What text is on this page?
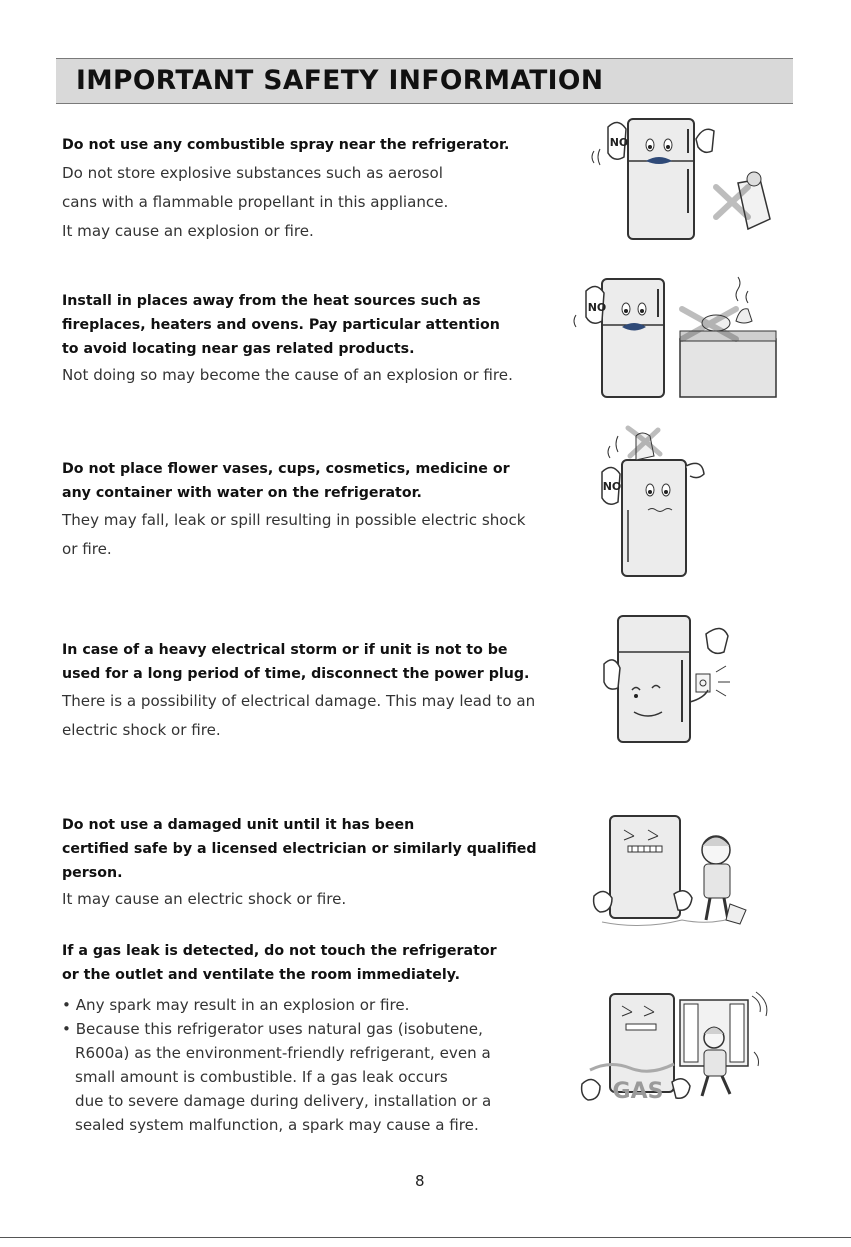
IMPORTANT SAFETY INFORMATION
Do not use any combustible spray near the refrigerator.
Do not store explosive substances such as aerosol
cans with a flammable propellant in this appliance.
It may cause an explosion or fire.
Install in places away from the heat sources such as
fireplaces, heaters and ovens. Pay particular attention
to avoid locating near gas related products.
Not doing so may become the cause of an explosion or fire.
Do not place flower vases, cups, cosmetics, medicine or
any container with water on the refrigerator.
They may fall, leak or spill resulting in possible electric shock
or fire.
In case of a heavy electrical storm or if unit is not to be
used for a long period of time, disconnect the power plug.
There is a possibility of electrical damage. This may lead to an
electric shock or fire.
Do not use a damaged unit until it has been
certified safe by a licensed electrician or similarly qualified
person.
It may cause an electric shock or fire.
If a gas leak is detected, do not touch the refrigerator
or the outlet and ventilate the room immediately.
• Any spark may result in an explosion or fire.
• Because this refrigerator uses natural gas (isobutene,
R600a) as the environment-friendly refrigerant, even a
small amount is combustible. If a gas leak occurs
due to severe damage during delivery, installation or a
sealed system malfunction, a spark may cause a fire.
NO
NO
NO
GAS
8
